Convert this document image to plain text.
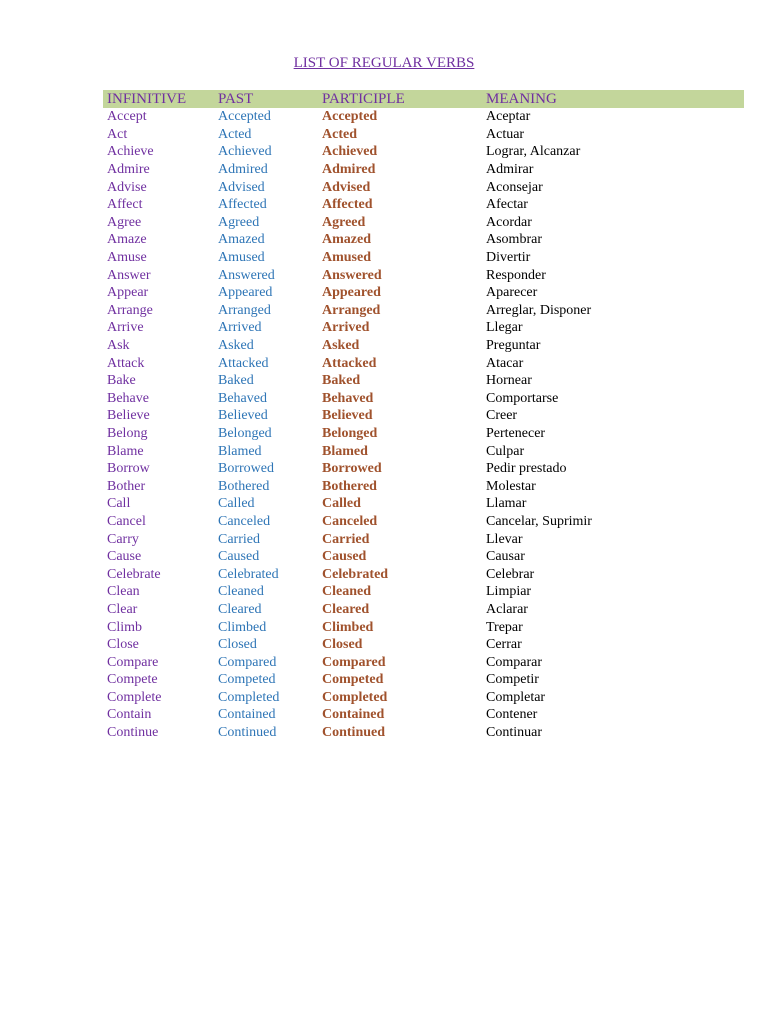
LIST OF REGULAR VERBS
INFINITIVE	PAST	PARTICIPLE	MEANING
Accept	Accepted	Accepted	Aceptar
Act	Acted	Acted	Actuar
Achieve	Achieved	Achieved	Lograr, Alcanzar
Admire	Admired	Admired	Admirar
Advise	Advised	Advised	Aconsejar
Affect	Affected	Affected	Afectar
Agree	Agreed	Agreed	Acordar
Amaze	Amazed	Amazed	Asombrar
Amuse	Amused	Amused	Divertir
Answer	Answered	Answered	Responder
Appear	Appeared	Appeared	Aparecer
Arrange	Arranged	Arranged	Arreglar, Disponer
Arrive	Arrived	Arrived	Llegar
Ask	Asked	Asked	Preguntar
Attack	Attacked	Attacked	Atacar
Bake	Baked	Baked	Hornear
Behave	Behaved	Behaved	Comportarse
Believe	Believed	Believed	Creer
Belong	Belonged	Belonged	Pertenecer
Blame	Blamed	Blamed	Culpar
Borrow	Borrowed	Borrowed	Pedir prestado
Bother	Bothered	Bothered	Molestar
Call	Called	Called	Llamar
Cancel	Canceled	Canceled	Cancelar, Suprimir
Carry	Carried	Carried	Llevar
Cause	Caused	Caused	Causar
Celebrate	Celebrated	Celebrated	Celebrar
Clean	Cleaned	Cleaned	Limpiar
Clear	Cleared	Cleared	Aclarar
Climb	Climbed	Climbed	Trepar
Close	Closed	Closed	Cerrar
Compare	Compared	Compared	Comparar
Compete	Competed	Competed	Competir
Complete	Completed	Completed	Completar
Contain	Contained	Contained	Contener
Continue	Continued	Continued	Continuar
